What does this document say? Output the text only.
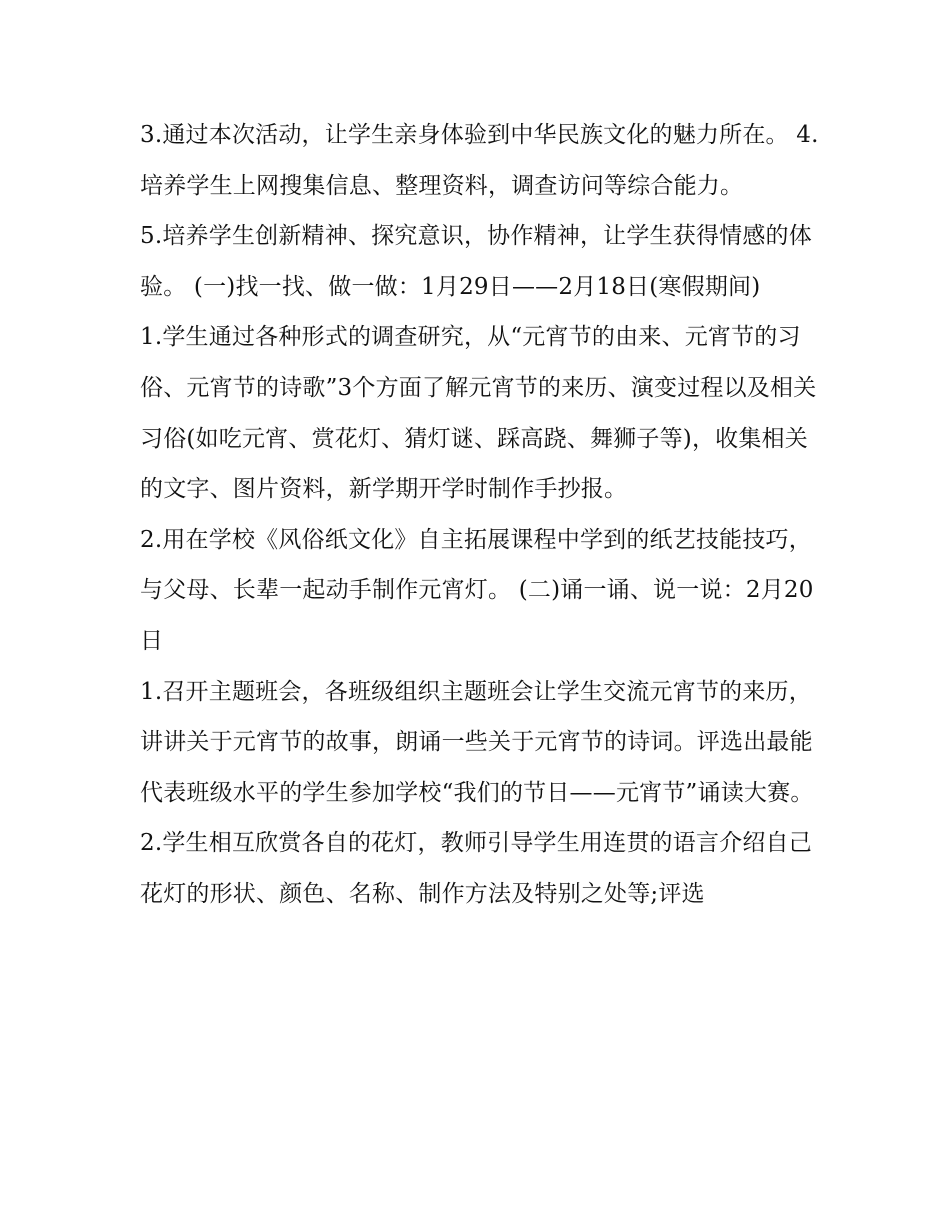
3.通过本次活动，让学生亲身体验到中华民族文化的魅力所在。 4.培养学生上网搜集信息、整理资料，调查访问等综合能力。

5.培养学生创新精神、探究意识，协作精神，让学生获得情感的体验。 (一)找一找、做一做：1月29日——2月18日(寒假期间)

1.学生通过各种形式的调查研究，从“元宵节的由来、元宵节的习俗、元宵节的诗歌”3个方面了解元宵节的来历、演变过程以及相关习俗(如吃元宵、赏花灯、猜灯谜、踩高跷、舞狮子等)，收集相关的文字、图片资料，新学期开学时制作手抄报。

2.用在学校《风俗纸文化》自主拓展课程中学到的纸艺技能技巧，与父母、长辈一起动手制作元宵灯。 (二)诵一诵、说一说：2月20日

1.召开主题班会，各班级组织主题班会让学生交流元宵节的来历，讲讲关于元宵节的故事，朗诵一些关于元宵节的诗词。评选出最能代表班级水平的学生参加学校“我们的节日——元宵节”诵读大赛。

2.学生相互欣赏各自的花灯，教师引导学生用连贯的语言介绍自己花灯的形状、颜色、名称、制作方法及特别之处等;评选
